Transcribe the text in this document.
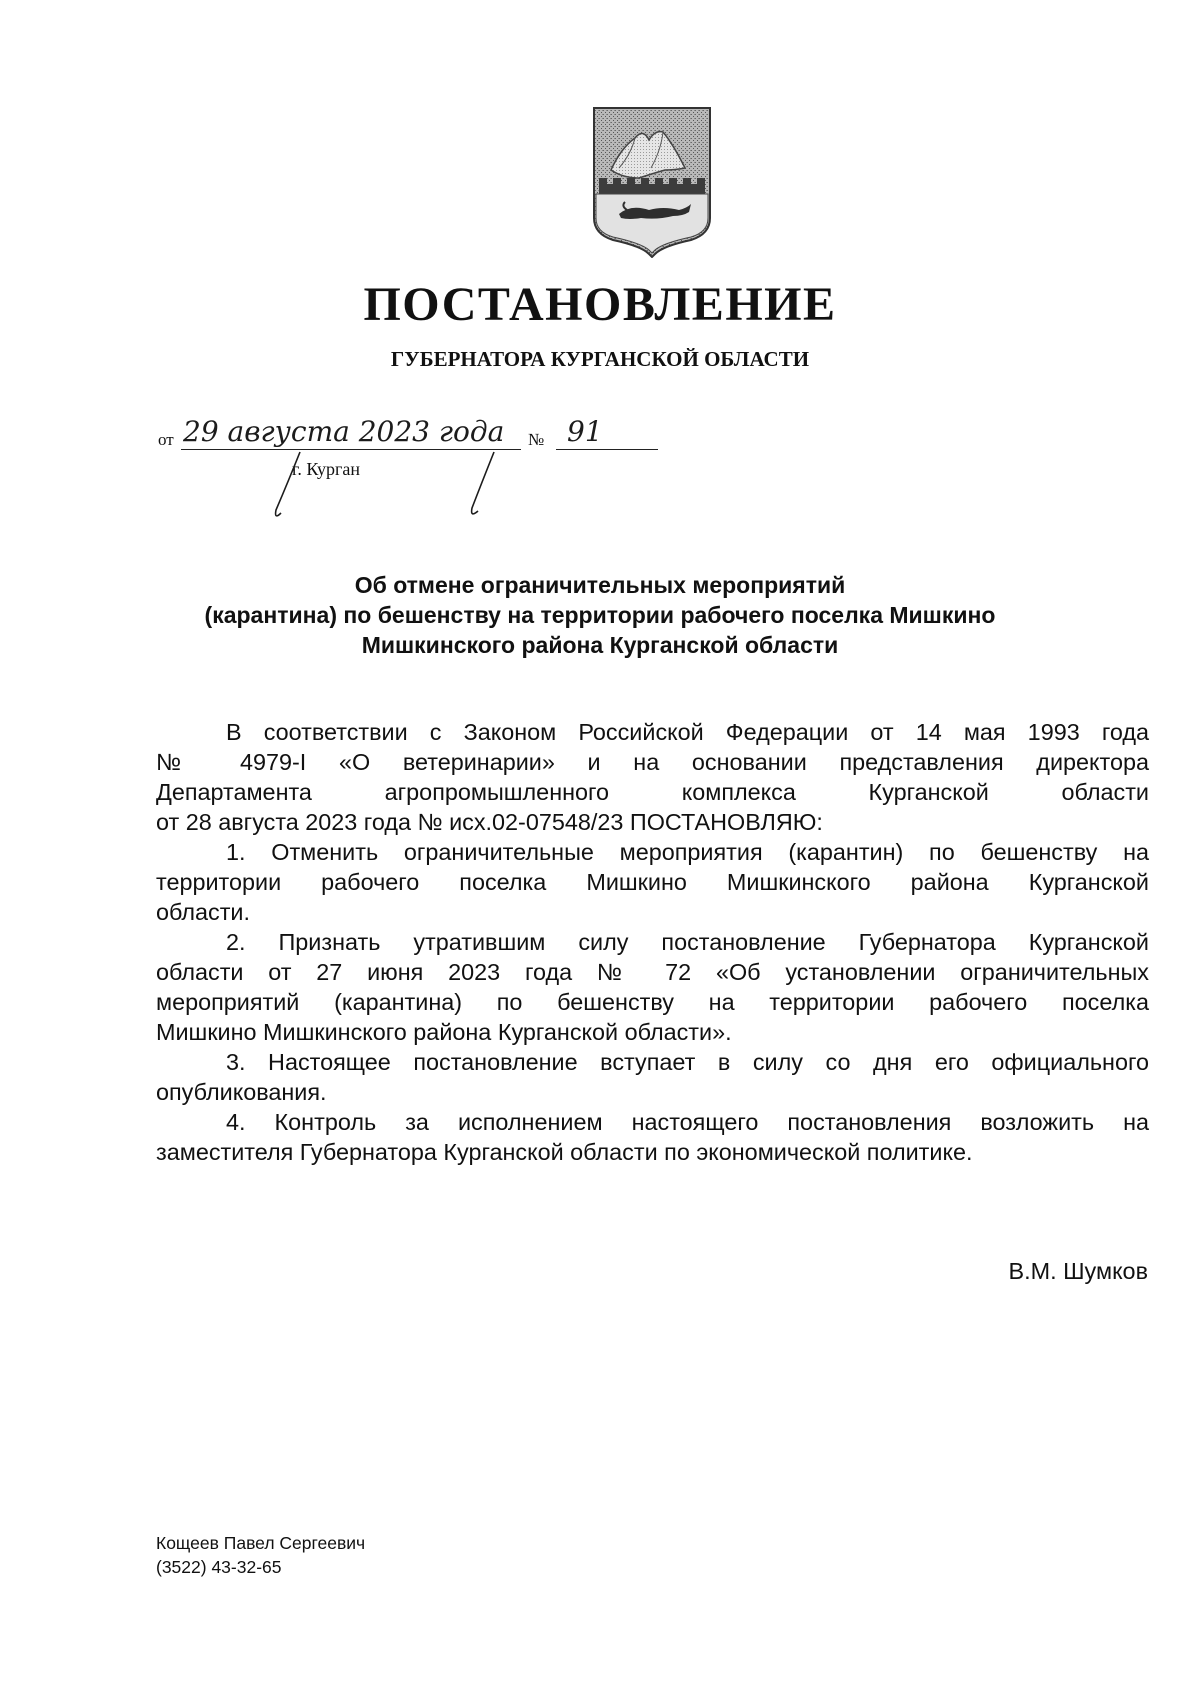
ПОСТАНОВЛЕНИЕ
ГУБЕРНАТОРА КУРГАНСКОЙ ОБЛАСТИ
от 29 августа 2023 года № 91
г. Курган
Об отмене ограничительных мероприятий
(карантина) по бешенству на территории рабочего поселка Мишкино
Мишкинского района Курганской области

В соответствии с Законом Российской Федерации от 14 мая 1993 года

№ 4979-I «О ветеринарии» и на основании представления директора

Департамента агропромышленного комплекса Курганской области

от 28 августа 2023 года № исх.02-07548/23 ПОСТАНОВЛЯЮ:

1. Отменить ограничительные мероприятия (карантин) по бешенству на

территории рабочего поселка Мишкино Мишкинского района Курганской

области.

2. Признать утратившим силу постановление Губернатора Курганской

области от 27 июня 2023 года № 72 «Об установлении ограничительных

мероприятий (карантина) по бешенству на территории рабочего поселка

Мишкино Мишкинского района Курганской области».

3. Настоящее постановление вступает в силу со дня его официального

опубликования.

4. Контроль за исполнением настоящего постановления возложить на

заместителя Губернатора Курганской области по экономической политике.

В.М. Шумков
Кощеев Павел Сергеевич
(3522) 43-32-65
